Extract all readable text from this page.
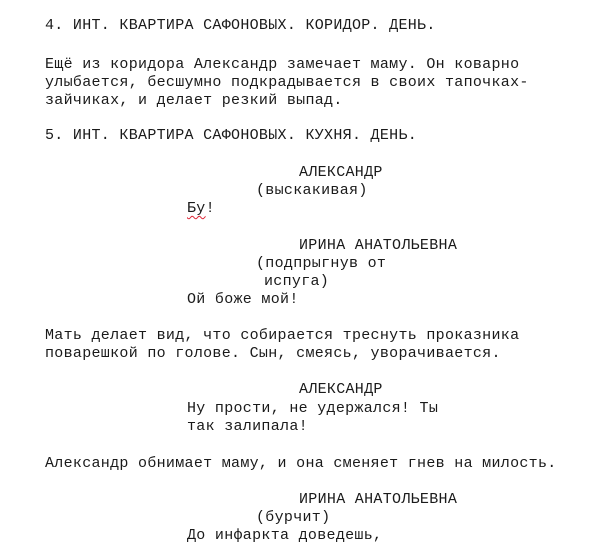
4. ИНТ. КВАРТИРА САФОНОВЫХ. КОРИДОР. ДЕНЬ.
Ещё из коридора Александр замечает маму. Он коварно
улыбается, бесшумно подкрадывается в своих тапочках-
зайчиках, и делает резкий выпад.
5. ИНТ. КВАРТИРА САФОНОВЫХ. КУХНЯ. ДЕНЬ.
АЛЕКСАНДР
(выскакивая)
Бу!
ИРИНА АНАТОЛЬЕВНА
(подпрыгнув от
испуга)
Ой боже мой!
Мать делает вид, что собирается треснуть проказника
поварешкой по голове. Сын, смеясь, уворачивается.
АЛЕКСАНДР
Ну прости, не удержался! Ты
так залипала!
Александр обнимает маму, и она сменяет гнев на милость.
ИРИНА АНАТОЛЬЕВНА
(бурчит)
До инфаркта доведешь,
